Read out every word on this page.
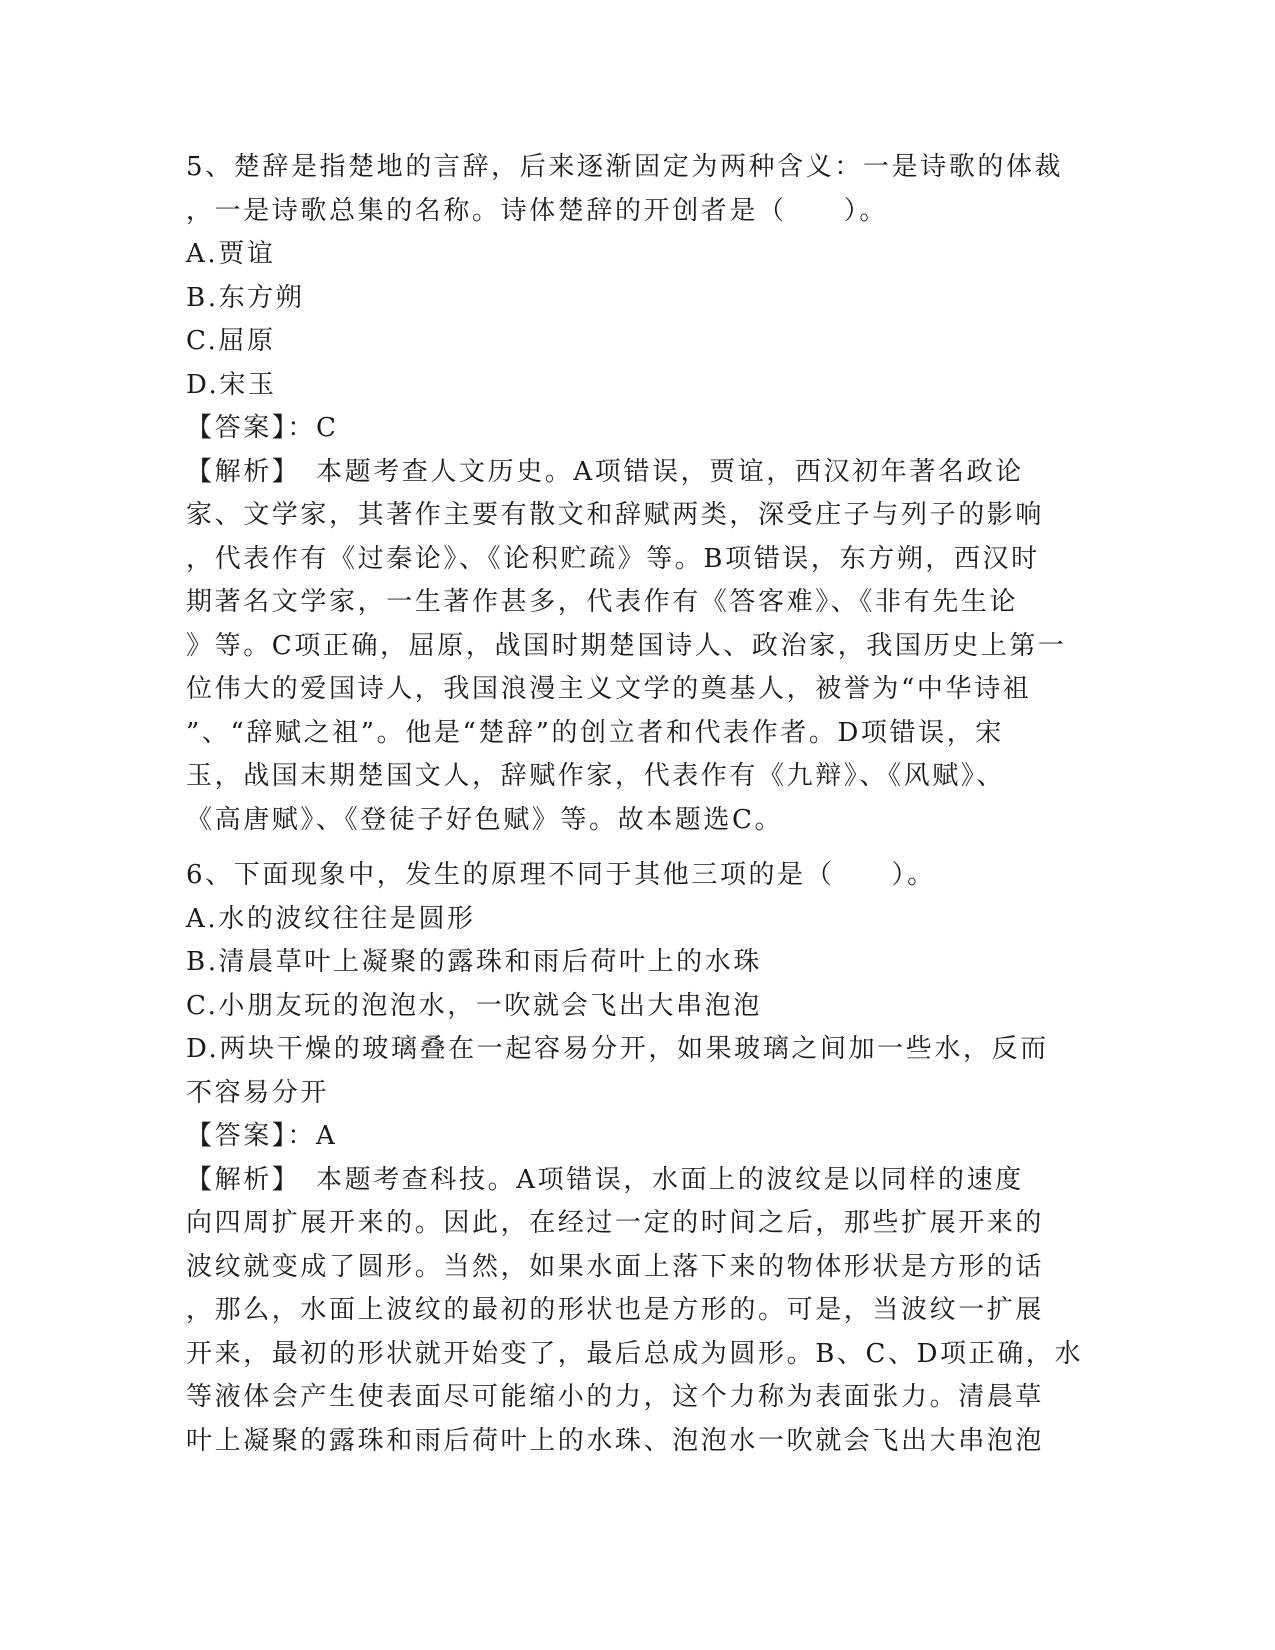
5、楚辞是指楚地的言辞，后来逐渐固定为两种含义：一是诗歌的体裁
，一是诗歌总集的名称。诗体楚辞的开创者是（　　）。
A.贾谊
B.东方朔
C.屈原
D.宋玉
【答案】：C
【解析】　本题考查人文历史。A项错误，贾谊，西汉初年著名政论
家、文学家，其著作主要有散文和辞赋两类，深受庄子与列子的影响
，代表作有《过秦论》、《论积贮疏》等。B项错误，东方朔，西汉时
期著名文学家，一生著作甚多，代表作有《答客难》、《非有先生论
》等。C项正确，屈原，战国时期楚国诗人、政治家，我国历史上第一
位伟大的爱国诗人，我国浪漫主义文学的奠基人，被誉为“中华诗祖
”、“辞赋之祖”。他是“楚辞”的创立者和代表作者。D项错误，宋
玉，战国末期楚国文人，辞赋作家，代表作有《九辩》、《风赋》、
《高唐赋》、《登徒子好色赋》等。故本题选C。
6、下面现象中，发生的原理不同于其他三项的是（　　）。
A.水的波纹往往是圆形
B.清晨草叶上凝聚的露珠和雨后荷叶上的水珠
C.小朋友玩的泡泡水，一吹就会飞出大串泡泡
D.两块干燥的玻璃叠在一起容易分开，如果玻璃之间加一些水，反而
不容易分开
【答案】：A
【解析】　本题考查科技。A项错误，水面上的波纹是以同样的速度
向四周扩展开来的。因此，在经过一定的时间之后，那些扩展开来的
波纹就变成了圆形。当然，如果水面上落下来的物体形状是方形的话
，那么，水面上波纹的最初的形状也是方形的。可是，当波纹一扩展
开来，最初的形状就开始变了，最后总成为圆形。B、C、D项正确，水
等液体会产生使表面尽可能缩小的力，这个力称为表面张力。清晨草
叶上凝聚的露珠和雨后荷叶上的水珠、泡泡水一吹就会飞出大串泡泡
